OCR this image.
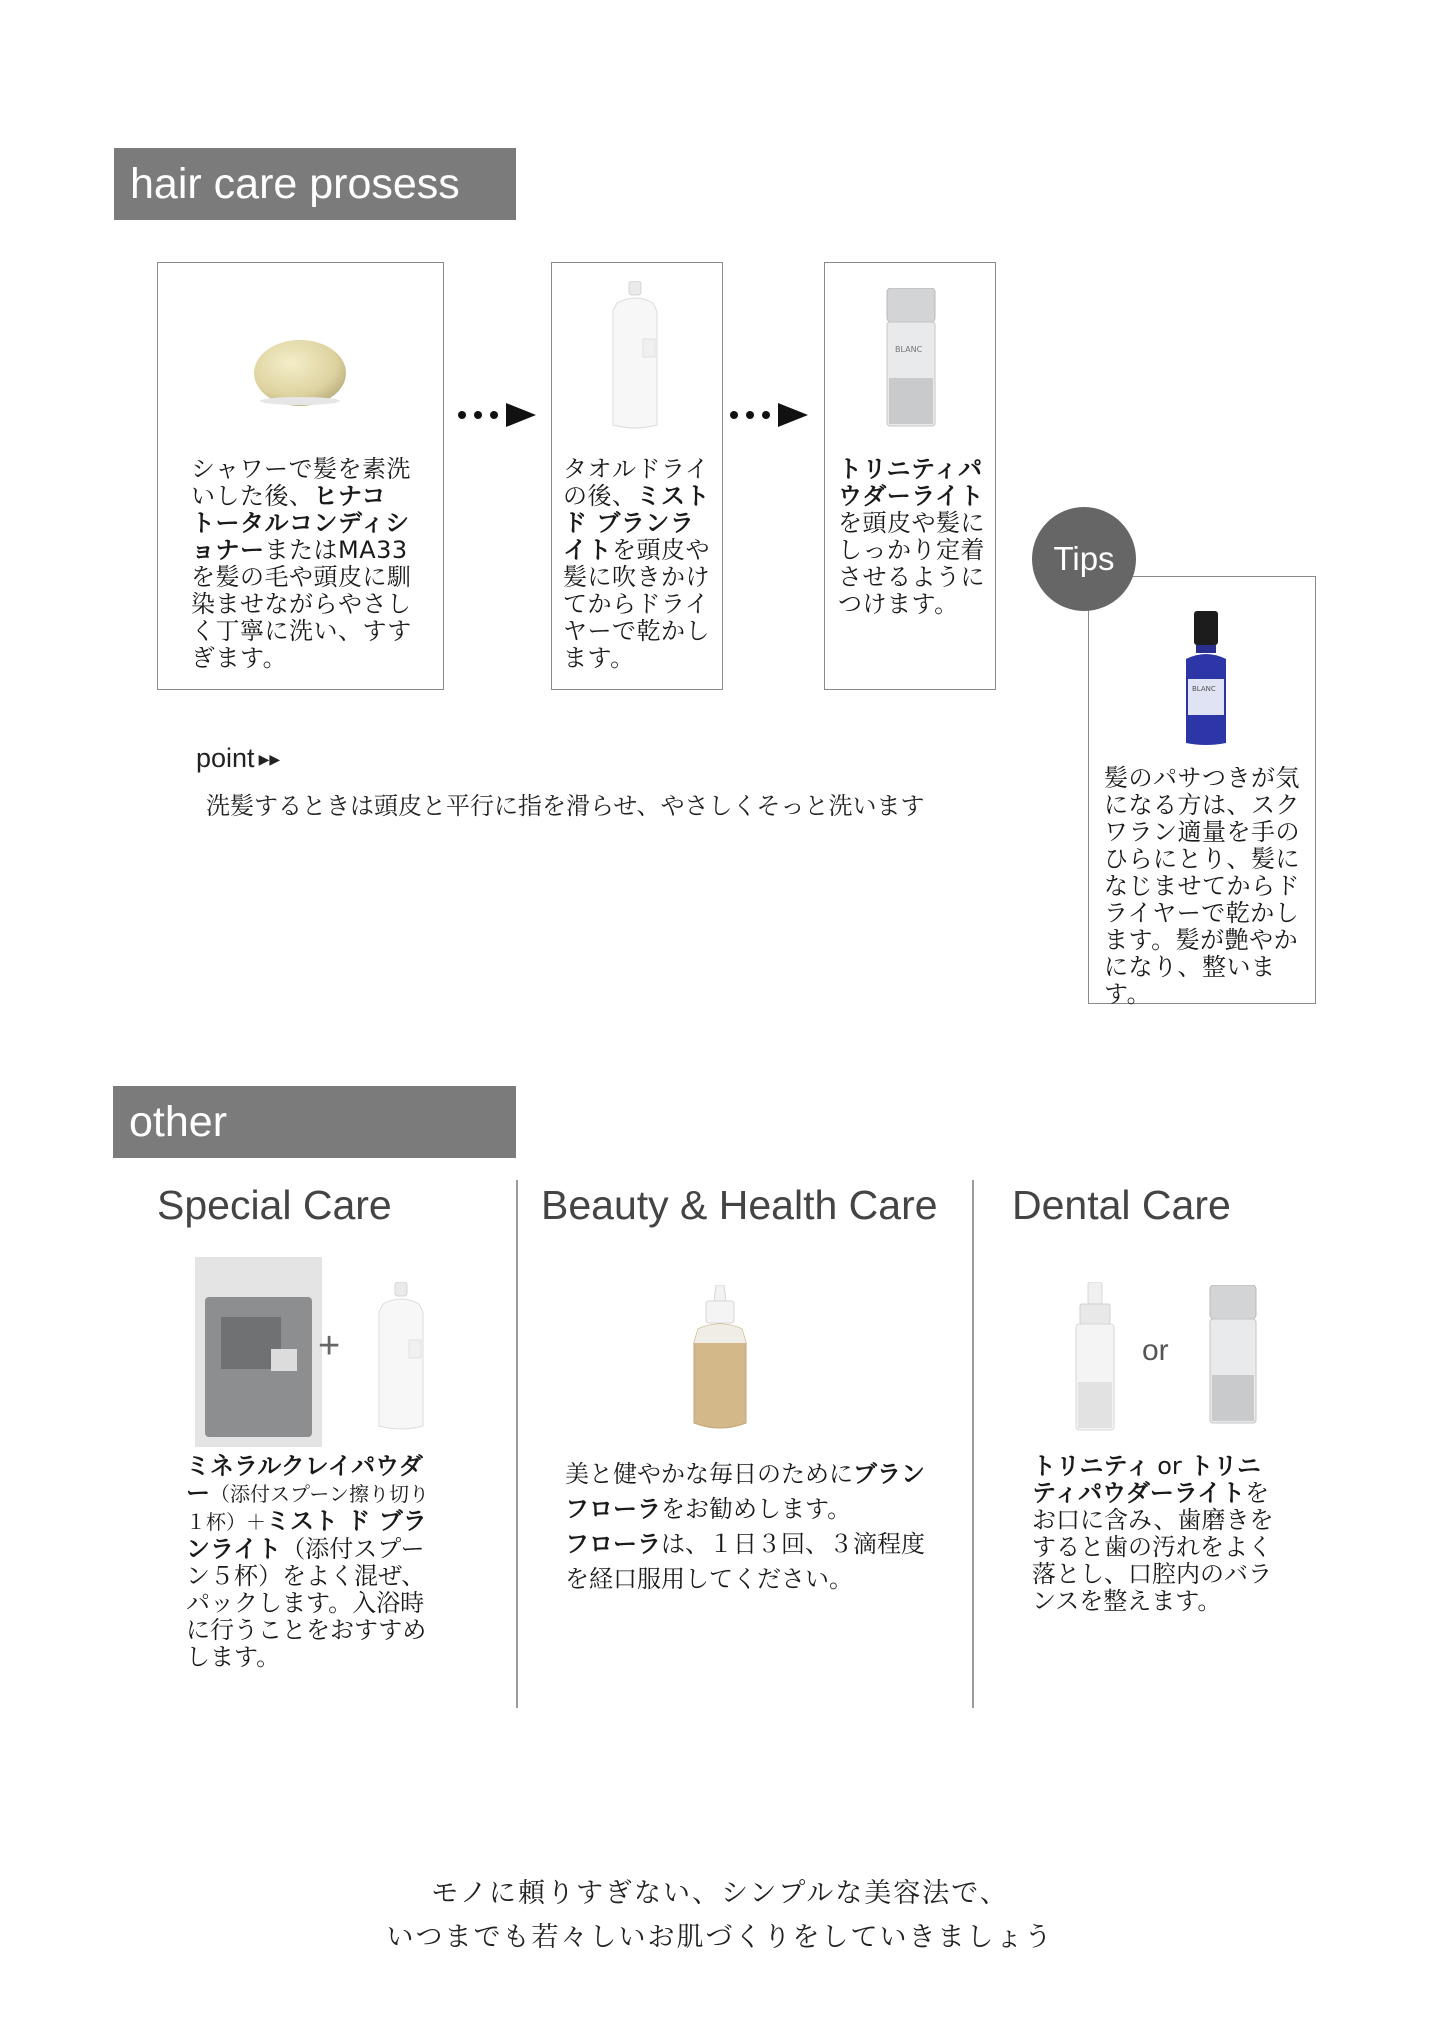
hair care prosess
シャワーで髪を素洗いした後、ヒナコ トータルコンディショナーまたはMA33を髪の毛や頭皮に馴染ませながらやさしく丁寧に洗い、すすぎます。
タオルドライの後、ミストド ブランライトを頭皮や髪に吹きかけてからドライヤーで乾かします。
BLANC
トリニティパウダーライトを頭皮や髪にしっかり定着させるようにつけます。
point ▶▶
洗髪するときは頭皮と平行に指を滑らせ、やさしくそっと洗います
BLANC
髪のパサつきが気になる方は、スクワラン適量を手のひらにとり、髪になじませてからドライヤーで乾かします。髪が艶やかになり、整います。
Tips
other
Special Care
+
ミネラルクレイパウダー（添付スプーン擦り切り１杯）＋ミスト ド ブランライト（添付スプーン５杯）をよく混ぜ、パックします。入浴時に行うことをおすすめします。
Beauty & Health Care
美と健やかな毎日のためにブランフローラをお勧めします。
フローラは、１日３回、３滴程度を経口服用してください。
Dental Care
or
トリニティ or トリニティパウダーライトをお口に含み、歯磨きをすると歯の汚れをよく落とし、口腔内のバランスを整えます。
モノに頼りすぎない、シンプルな美容法で、
いつまでも若々しいお肌づくりをしていきましょう
